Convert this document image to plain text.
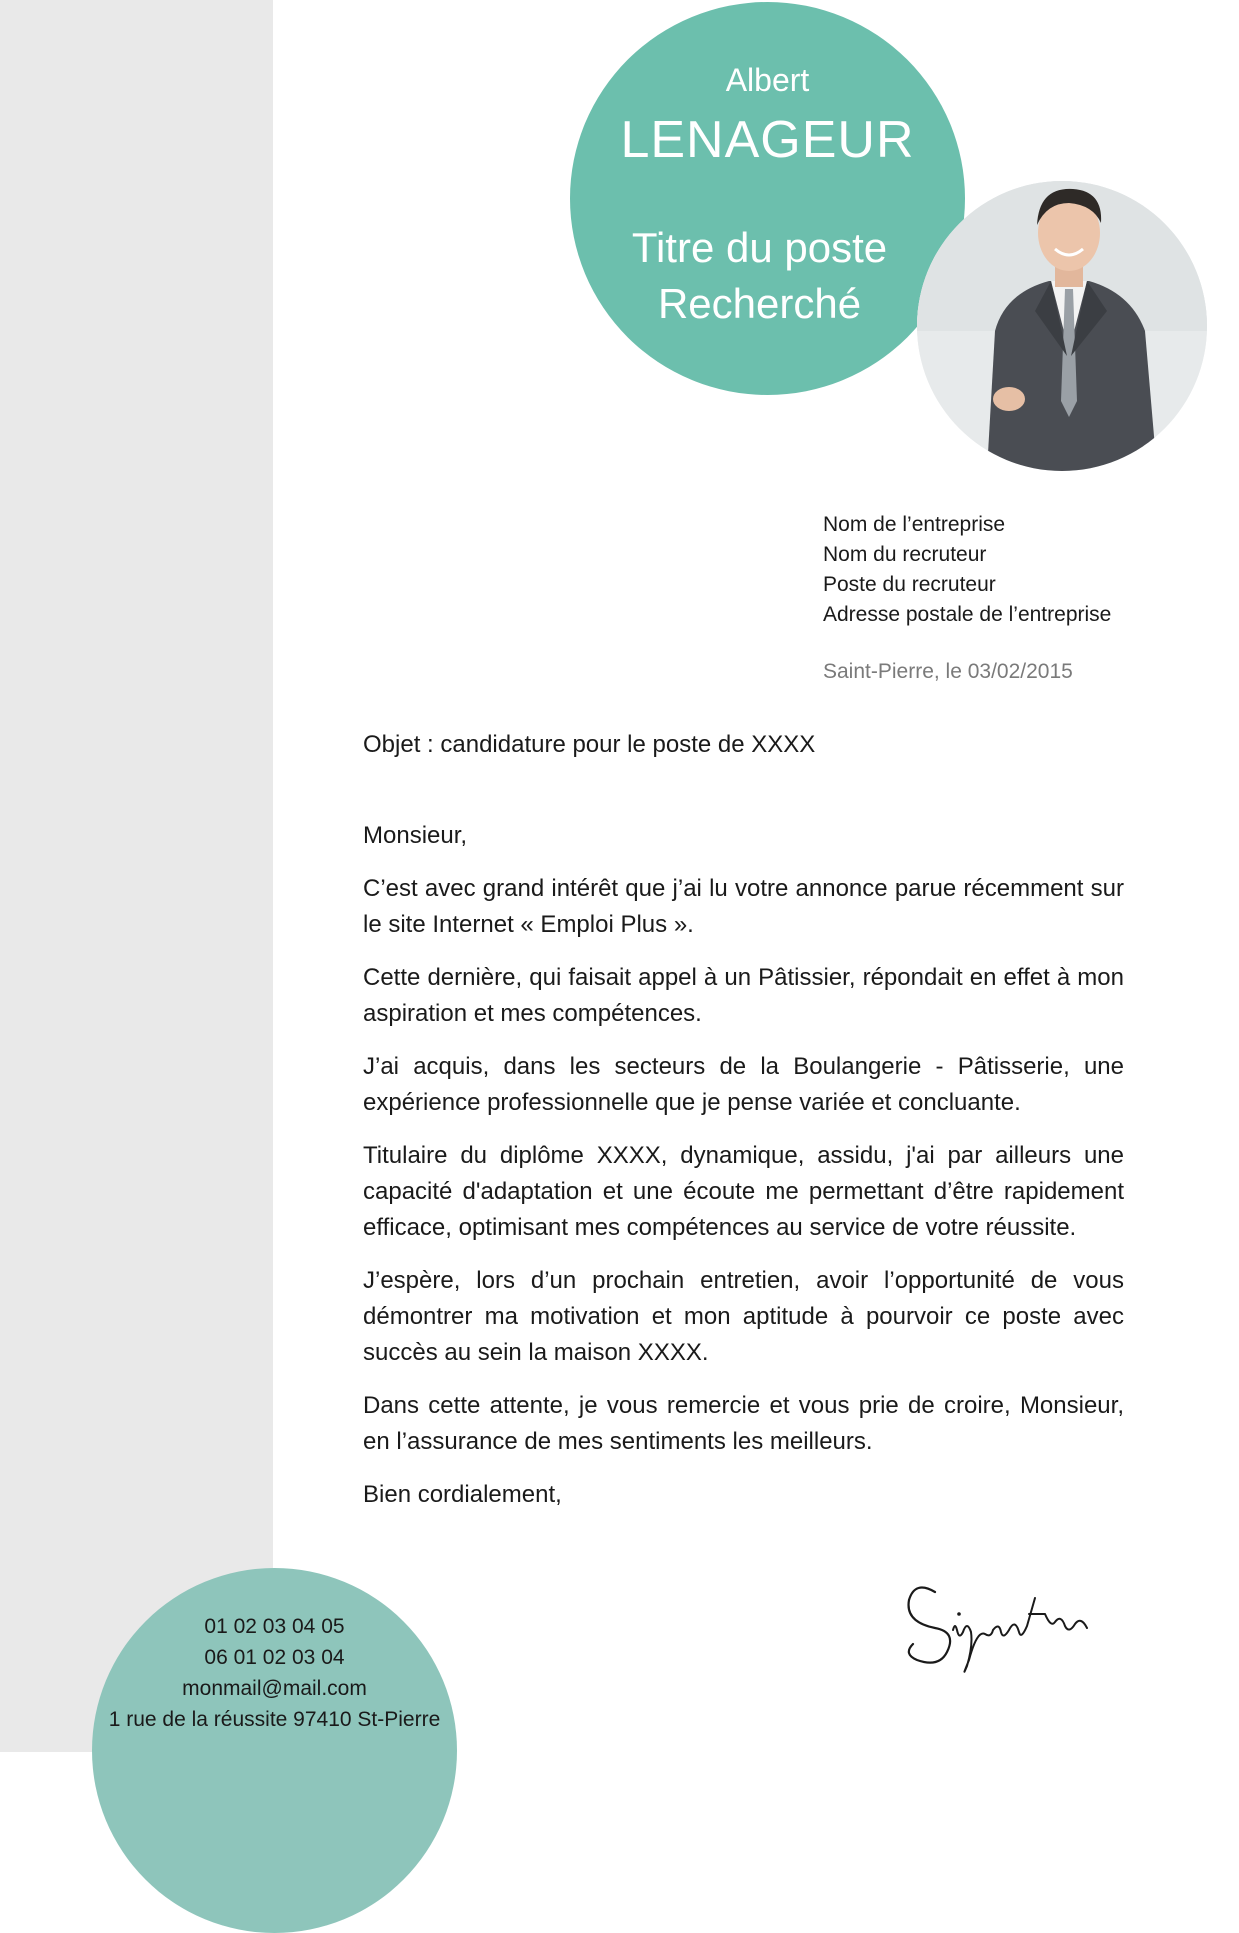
Albert
LENAGEUR
Titre du poste
Recherché
Nom de l’entreprise
Nom du recruteur
Poste du recruteur
Adresse postale de l’entreprise
Saint-Pierre, le 03/02/2015
Objet : candidature pour le poste de XXXX

Monsieur,

C’est avec grand intérêt que j’ai lu votre annonce parue récemment sur le site Internet « Emploi Plus ».

Cette dernière, qui faisait appel à un Pâtissier, répondait en effet à mon aspiration et mes compétences.

J’ai acquis, dans les secteurs de la Boulangerie - Pâtisserie, une expérience professionnelle que je pense variée et concluante.

Titulaire du diplôme XXXX, dynamique, assidu, j'ai par ailleurs une capacité d'adaptation et une écoute me permettant d’être rapidement efficace, optimisant mes compétences au service de votre réussite.

J’espère, lors d’un prochain entretien, avoir l’opportunité de vous démontrer ma motivation et mon aptitude à pourvoir ce poste avec succès au sein la maison XXXX.

Dans cette attente, je vous remercie et vous prie de croire, Monsieur, en l’assurance de mes sentiments les meilleurs.

Bien cordialement,

01 02 03 04 05
06 01 02 03 04
monmail@mail.com
1 rue de la réussite 97410 St-Pierre
